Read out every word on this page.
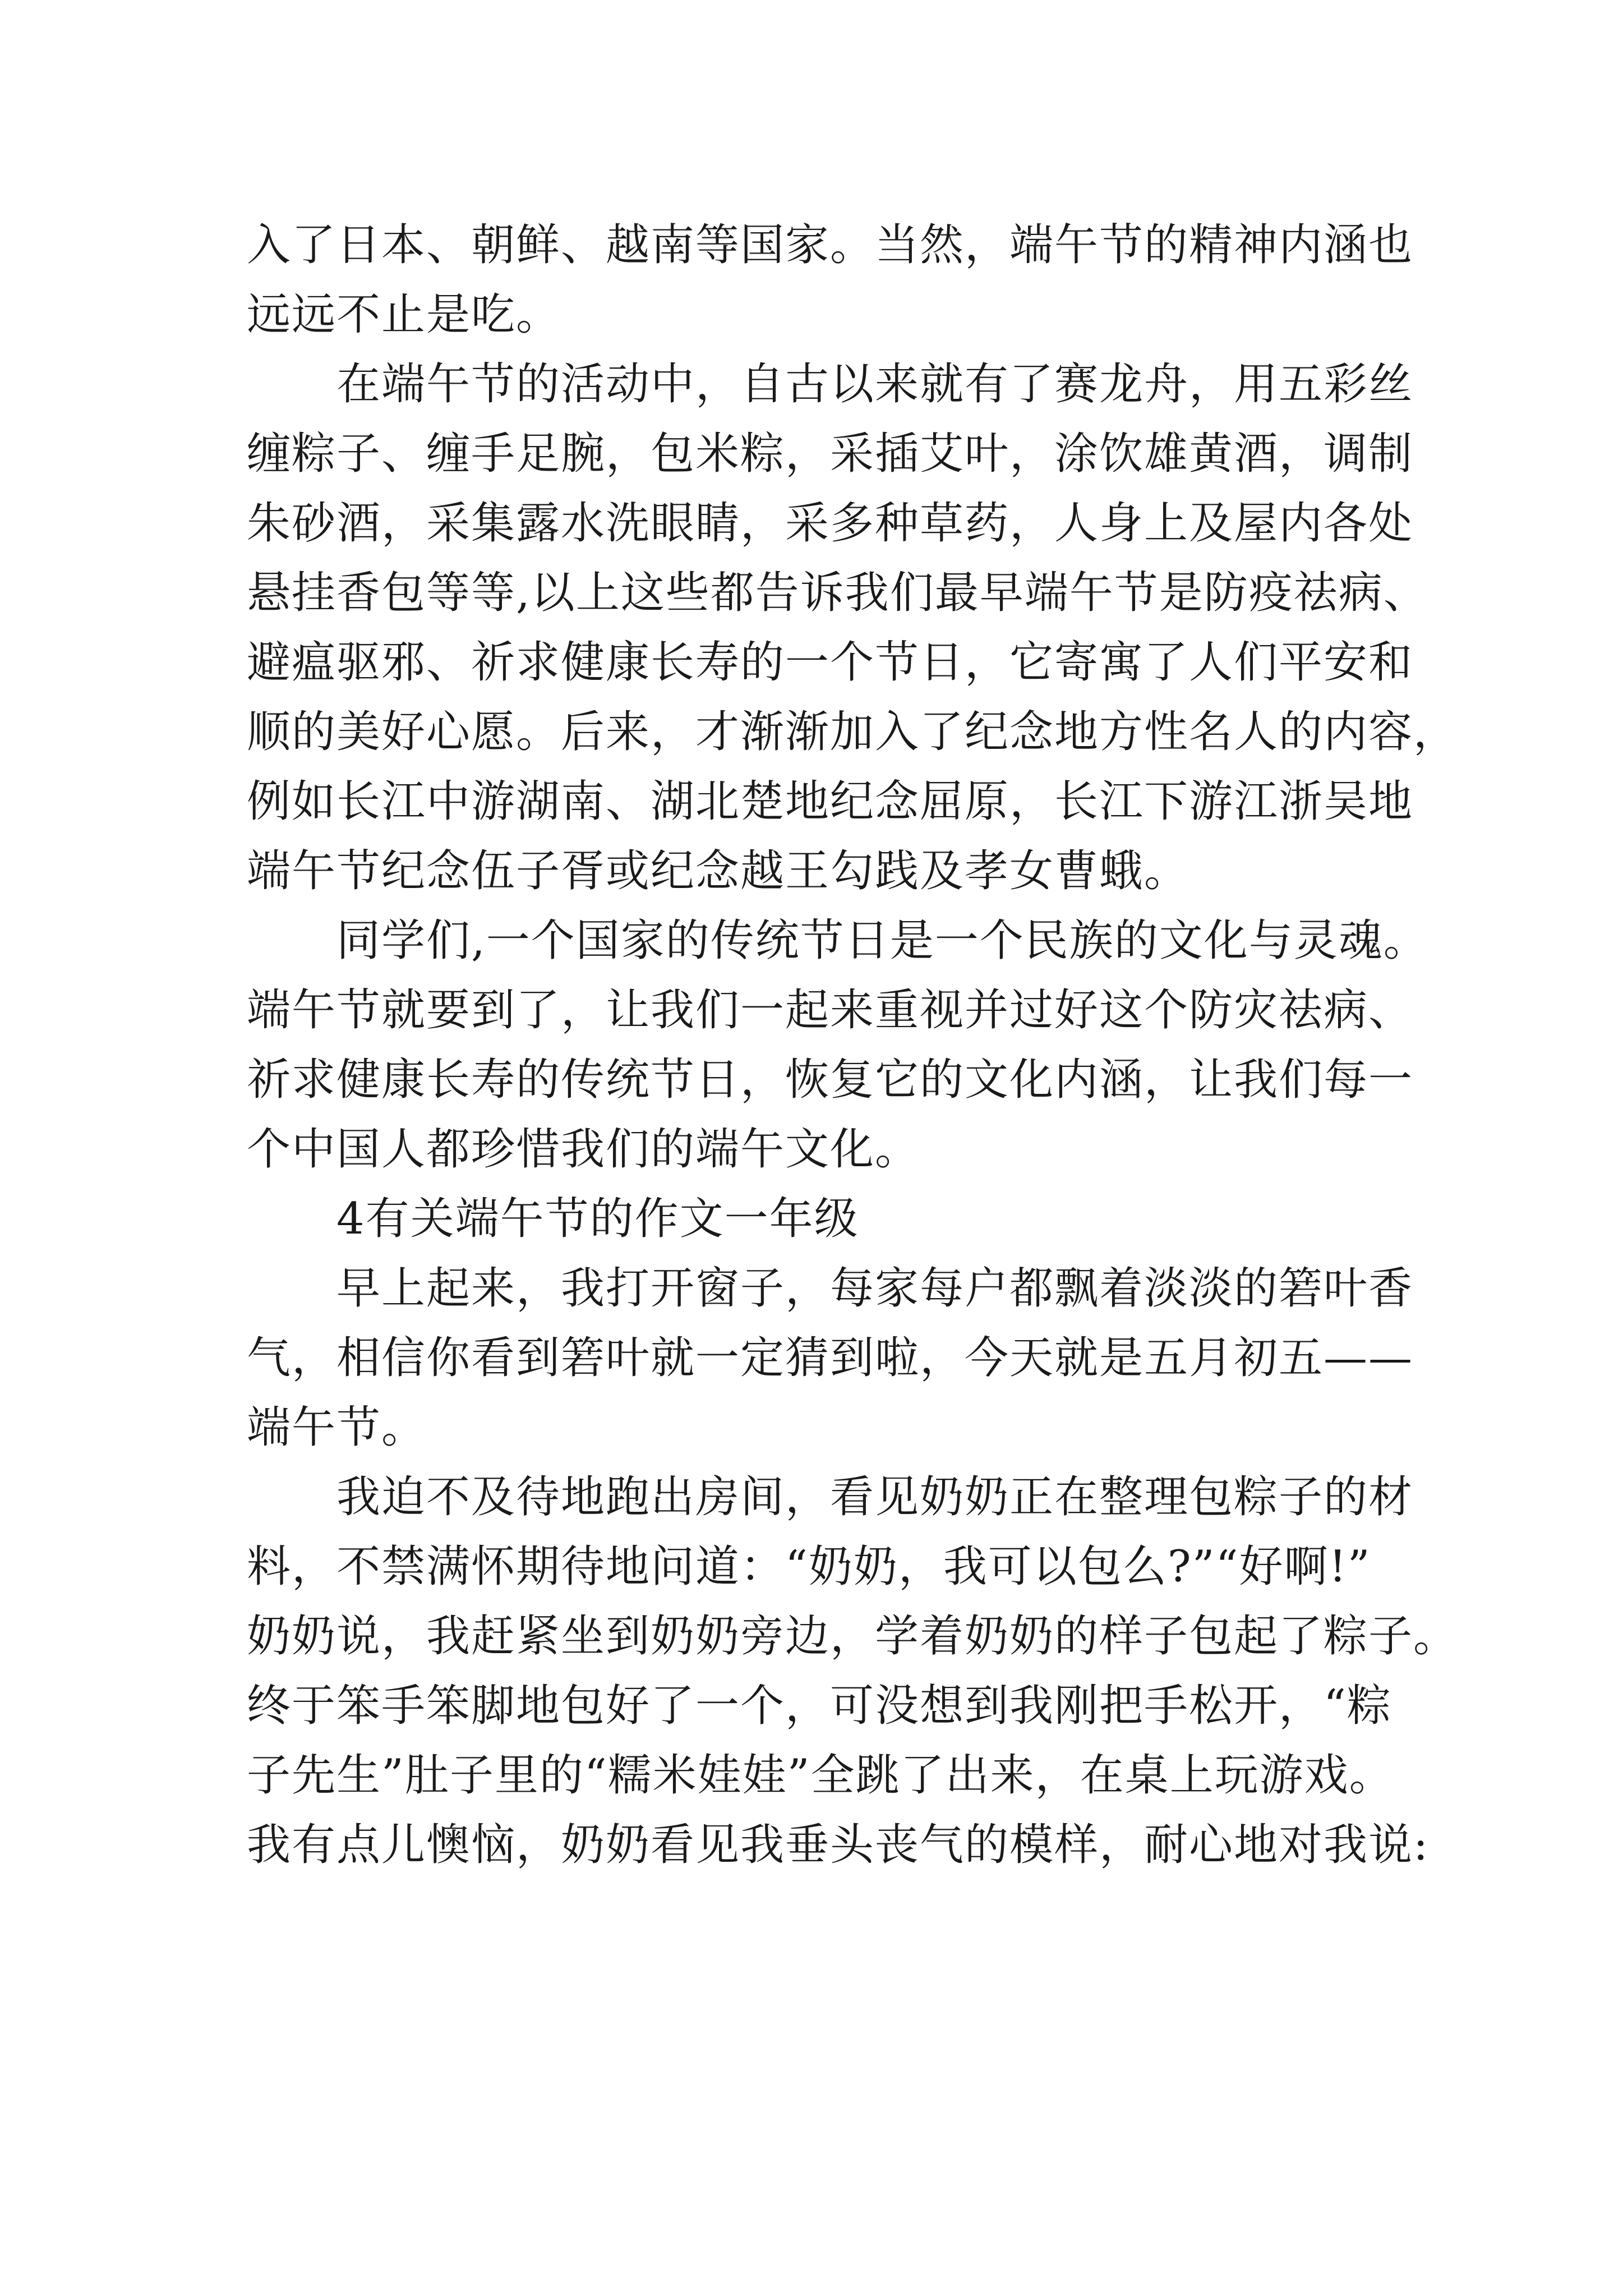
入了日本、朝鲜、越南等国家。当然，端午节的精神内涵也
远远不止是吃。
在端午节的活动中，自古以来就有了赛龙舟，用五彩丝
缠粽子、缠手足腕，包米粽，采插艾叶，涂饮雄黄酒，调制
朱砂酒，采集露水洗眼睛，采多种草药，人身上及屋内各处
悬挂香包等等,以上这些都告诉我们最早端午节是防疫祛病、
避瘟驱邪、祈求健康长寿的一个节日，它寄寓了人们平安和
顺的美好心愿。后来，才渐渐加入了纪念地方性名人的内容，
例如长江中游湖南、湖北楚地纪念屈原，长江下游江浙吴地
端午节纪念伍子胥或纪念越王勾践及孝女曹蛾。
同学们,一个国家的传统节日是一个民族的文化与灵魂。
端午节就要到了，让我们一起来重视并过好这个防灾祛病、
祈求健康长寿的传统节日，恢复它的文化内涵，让我们每一
个中国人都珍惜我们的端午文化。
4有关端午节的作文一年级
早上起来，我打开窗子，每家每户都飘着淡淡的箬叶香
气，相信你看到箬叶就一定猜到啦，今天就是五月初五——
端午节。
我迫不及待地跑出房间，看见奶奶正在整理包粽子的材
料，不禁满怀期待地问道：“奶奶，我可以包么?”“好啊!”
奶奶说，我赶紧坐到奶奶旁边，学着奶奶的样子包起了粽子。
终于笨手笨脚地包好了一个，可没想到我刚把手松开，“粽
子先生”肚子里的“糯米娃娃”全跳了出来，在桌上玩游戏。
我有点儿懊恼，奶奶看见我垂头丧气的模样，耐心地对我说:
